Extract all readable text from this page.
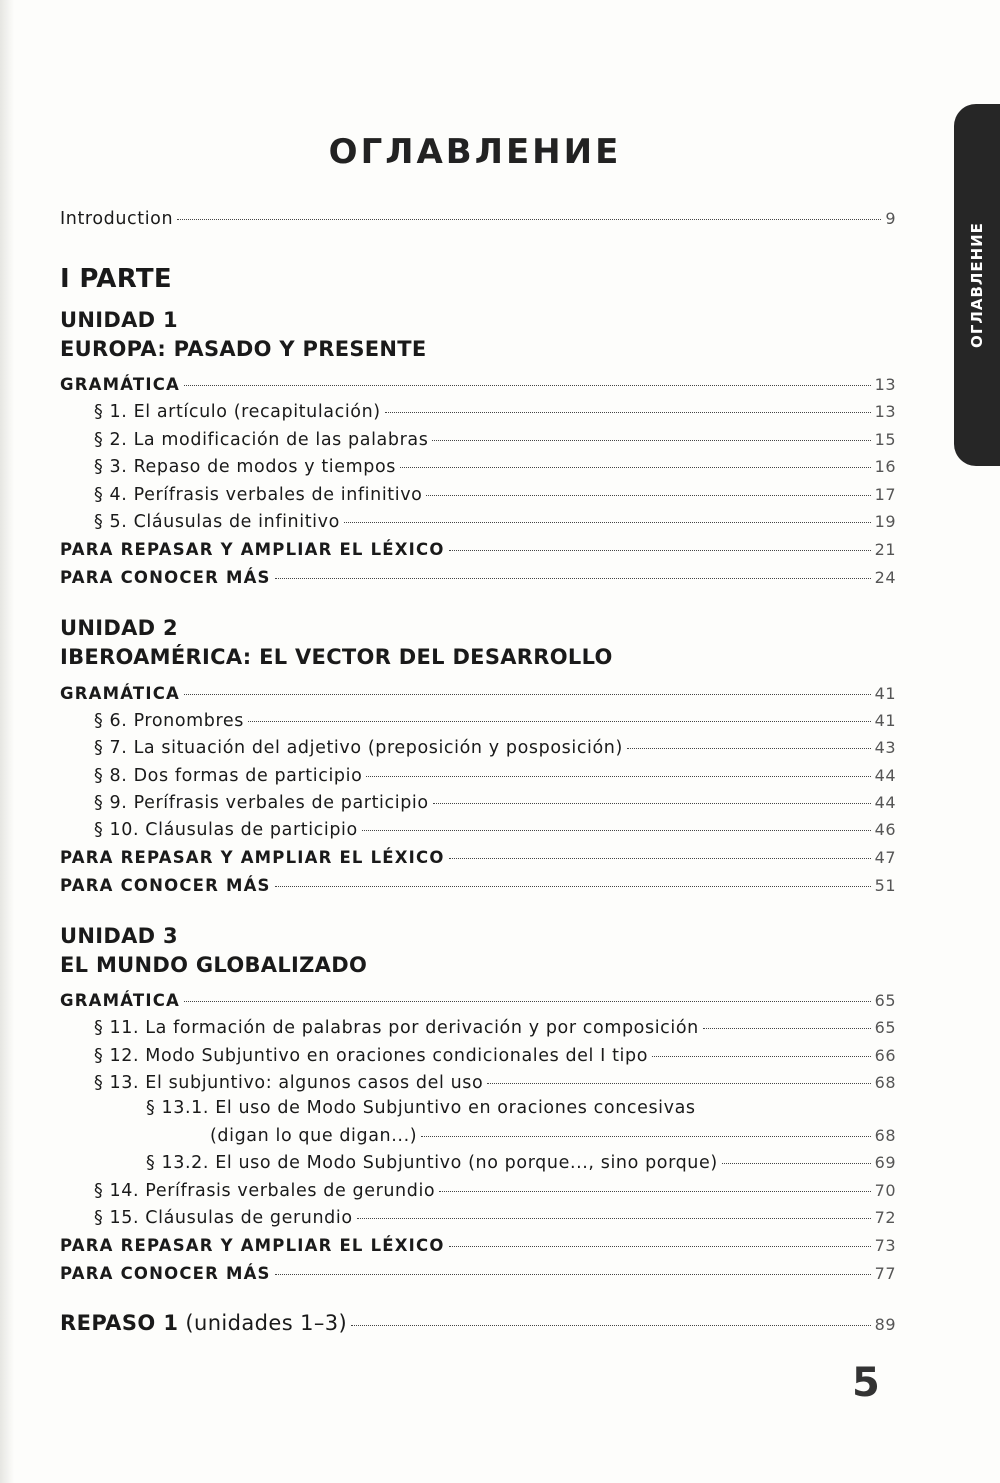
ОГЛАВЛЕНИЕ
ОГЛАВЛЕНИЕ
Introduction	9
I PARTE
UNIDAD 1
EUROPA: PASADO Y PRESENTE
GRAMÁTICA	13
§ 1. El artículo (recapitulación)	13
§ 2. La modificación de las palabras	15
§ 3. Repaso de modos y tiempos	16
§ 4. Perífrasis verbales de infinitivo	17
§ 5. Cláusulas de infinitivo	19
PARA REPASAR Y AMPLIAR EL LÉXICO	21
PARA CONOCER MÁS	24
UNIDAD 2
IBEROAMÉRICA: EL VECTOR DEL DESARROLLO
GRAMÁTICA	41
§ 6. Pronombres	41
§ 7. La situación del adjetivo (preposición y posposición)	43
§ 8. Dos formas de participio	44
§ 9. Perífrasis verbales de participio	44
§ 10. Cláusulas de participio	46
PARA REPASAR Y AMPLIAR EL LÉXICO	47
PARA CONOCER MÁS	51
UNIDAD 3
EL MUNDO GLOBALIZADO
GRAMÁTICA	65
§ 11. La formación de palabras por derivación y por composición	65
§ 12. Modo Subjuntivo en oraciones condicionales del I tipo	66
§ 13. El subjuntivo: algunos casos del uso	68
§ 13.1. El uso de Modo Subjuntivo en oraciones concesivas
(digan lo que digan...)	68
§ 13.2. El uso de Modo Subjuntivo (no porque..., sino porque)	69
§ 14. Perífrasis verbales de gerundio	70
§ 15. Cláusulas de gerundio	72
PARA REPASAR Y AMPLIAR EL LÉXICO	73
PARA CONOCER MÁS	77
REPASO 1 (unidades 1–3)	89
5
